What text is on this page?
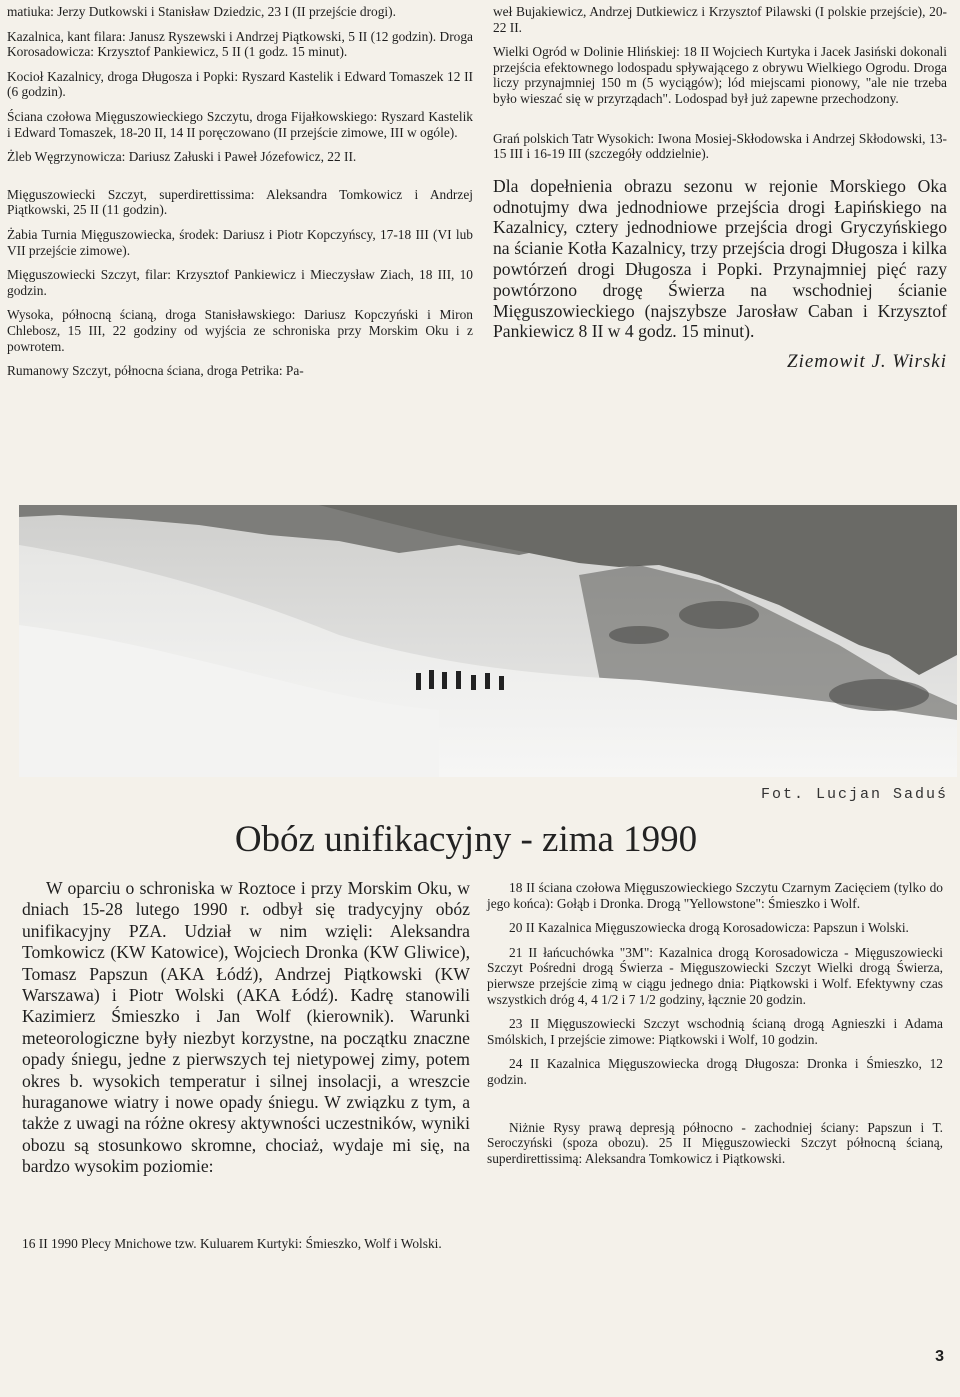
matiuka: Jerzy Dutkowski i Stanisław Dziedzic, 23 I (II przejście drogi).

Kazalnica, kant filara: Janusz Ryszewski i Andrzej Piątkowski, 5 II (12 godzin). Droga Korosadowicza: Krzysztof Pankiewicz, 5 II (1 godz. 15 minut).

Kocioł Kazalnicy, droga Długosza i Popki: Ryszard Kastelik i Edward Tomaszek 12 II (6 godzin).

Ściana czołowa Mięguszowieckiego Szczytu, droga Fijałkowskiego: Ryszard Kastelik i Edward Tomaszek, 18-20 II, 14 II poręczowano (II przejście zimowe, III w ogóle).

Żleb Węgrzynowicza: Dariusz Załuski i Paweł Józefowicz, 22 II.

Mięguszowiecki Szczyt, superdirettissima: Aleksandra Tomkowicz i Andrzej Piątkowski, 25 II (11 godzin).

Żabia Turnia Mięguszowiecka, środek: Dariusz i Piotr Kopczyńscy, 17-18 III (VI lub VII przejście zimowe).

Mięguszowiecki Szczyt, filar: Krzysztof Pankiewicz i Mieczysław Ziach, 18 III, 10 godzin.

Wysoka, północną ścianą, droga Stanisławskiego: Dariusz Kopczyński i Miron Chlebosz, 15 III, 22 godziny od wyjścia ze schroniska przy Morskim Oku i z powrotem.

Rumanowy Szczyt, północna ściana, droga Petrika: Pa-

weł Bujakiewicz, Andrzej Dutkiewicz i Krzysztof Pilawski (I polskie przejście), 20-22 II.

Wielki Ogród w Dolinie Hlińskiej: 18 II Wojciech Kurtyka i Jacek Jasiński dokonali przejścia efektownego lodospadu spływającego z obrywu Wielkiego Ogrodu. Droga liczy przynajmniej 150 m (5 wyciągów); lód miejscami pionowy, "ale nie trzeba było wieszać się w przyrządach". Lodospad był już zapewne przechodzony.

Grań polskich Tatr Wysokich: Iwona Mosiej-Skłodowska i Andrzej Skłodowski, 13-15 III i 16-19 III (szczegóły oddzielnie).

Dla dopełnienia obrazu sezonu w rejonie Morskiego Oka odnotujmy dwa jednodniowe przejścia drogi Łapińskiego na Kazalnicy, cztery jednodniowe przejścia drogi Gryczyńskiego na ścianie Kotła Kazalnicy, trzy przejścia drogi Długosza i kilka powtórzeń drogi Długosza i Popki. Przynajmniej pięć razy powtórzono drogę Świerza na wschodniej ścianie Mięguszowieckiego (najszybsze Jarosław Caban i Krzysztof Pankiewicz 8 II w 4 godz. 15 minut).

Ziemowit J. Wirski
Fot. Lucjan Saduś
Obóz unifikacyjny - zima 1990

W oparciu o schroniska w Roztoce i przy Morskim Oku, w dniach 15-28 lutego 1990 r. odbył się tradycyjny obóz unifikacyjny PZA. Udział w nim wzięli: Aleksandra Tomkowicz (KW Katowice), Wojciech Dronka (KW Gliwice), Tomasz Papszun (AKA Łódź), Andrzej Piątkowski (KW Warszawa) i Piotr Wolski (AKA Łódź). Kadrę stanowili Kazimierz Śmieszko i Jan Wolf (kierownik). Warunki meteorologiczne były niezbyt korzystne, na początku znaczne opady śniegu, jedne z pierwszych tej nietypowej zimy, potem okres b. wysokich temperatur i silnej insolacji, a wreszcie huraganowe wiatry i nowe opady śniegu. W związku z tym, a także z uwagi na różne okresy aktywności uczestników, wyniki obozu są stosunkowo skromne, chociaż, wydaje mi się, na bardzo wysokim poziomie:

16 II 1990 Plecy Mnichowe tzw. Kuluarem Kurtyki: Śmieszko, Wolf i Wolski.

18 II ściana czołowa Mięguszowieckiego Szczytu Czarnym Zacięciem (tylko do jego końca): Gołąb i Dronka. Drogą "Yellowstone": Śmieszko i Wolf.

20 II Kazalnica Mięguszowiecka drogą Korosadowicza: Papszun i Wolski.

21 II łańcuchówka "3M": Kazalnica drogą Korosadowicza - Mięguszowiecki Szczyt Pośredni drogą Świerza - Mięguszowiecki Szczyt Wielki drogą Świerza, pierwsze przejście zimą w ciągu jednego dnia: Piątkowski i Wolf. Efektywny czas wszystkich dróg 4, 4 1/2 i 7 1/2 godziny, łącznie 20 godzin.

23 II Mięguszowiecki Szczyt wschodnią ścianą drogą Agnieszki i Adama Smólskich, I przejście zimowe: Piątkowski i Wolf, 10 godzin.

24 II Kazalnica Mięguszowiecka drogą Długosza: Dronka i Śmieszko, 12 godzin.

Niżnie Rysy prawą depresją północno - zachodniej ściany: Papszun i T. Seroczyński (spoza obozu). 25 II Mięguszowiecki Szczyt północną ścianą, superdirettissimą: Aleksandra Tomkowicz i Piątkowski.

3
